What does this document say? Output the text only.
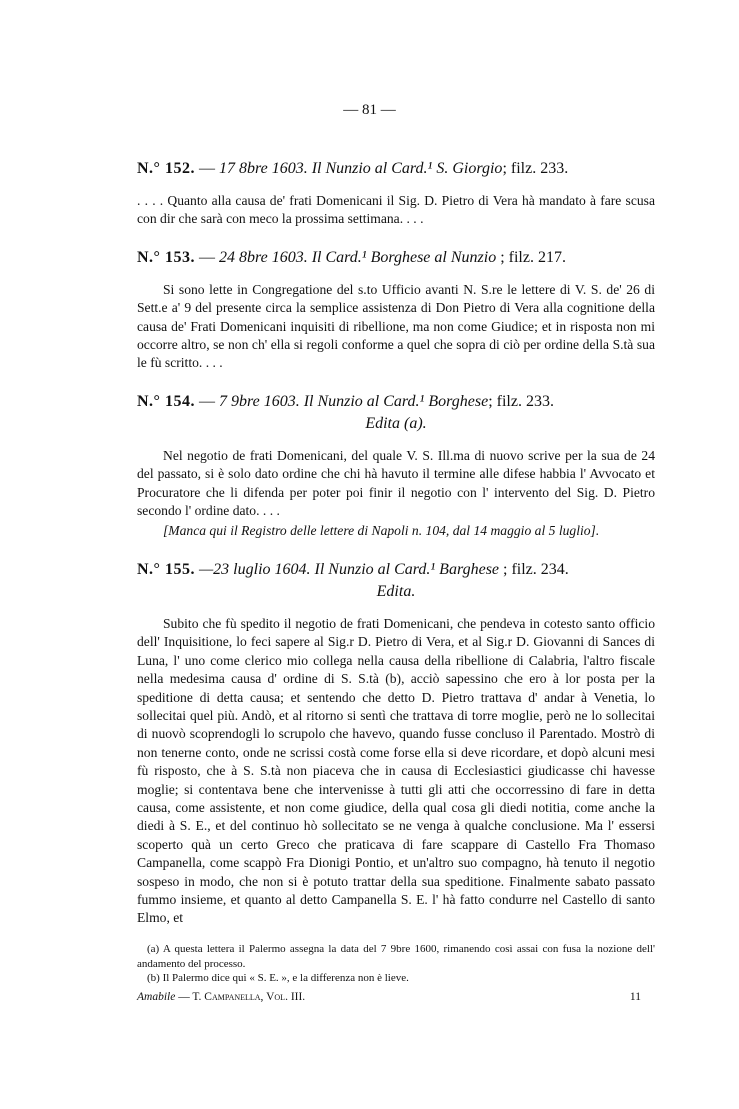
— 81 —
N.° 152. — 17 8bre 1603. Il Nunzio al Card.¹ S. Giorgio; filz. 233.
. . . . Quanto alla causa de' frati Domenicani il Sig. D. Pietro di Vera hà mandato à fare scusa con dir che sarà con meco la prossima settimana. . . .
N.° 153. — 24 8bre 1603. Il Card.¹ Borghese al Nunzio ; filz. 217.
Si sono lette in Congregatione del s.to Ufficio avanti N. S.re le lettere di V. S. de' 26 di Sett.e a' 9 del presente circa la semplice assistenza di Don Pietro di Vera alla cognitione della causa de' Frati Domenicani inquisiti di ribellione, ma non come Giudice; et in risposta non mi occorre altro, se non ch' ella si regoli conforme a quel che sopra di ciò per ordine della S.tà sua le fù scritto. . . .
N.° 154. — 7 9bre 1603. Il Nunzio al Card.¹ Borghese; filz. 233.
Edita (a).
Nel negotio de frati Domenicani, del quale V. S. Ill.ma di nuovo scrive per la sua de 24 del passato, si è solo dato ordine che chi hà havuto il termine alle difese habbia l' Avvocato et Procuratore che li difenda per poter poi finir il negotio con l' intervento del Sig. D. Pietro secondo l' ordine dato. . . .
[Manca qui il Registro delle lettere di Napoli n. 104, dal 14 maggio al 5 luglio].
N.° 155. —23 luglio 1604. Il Nunzio al Card.¹ Barghese ; filz. 234.
Edita.
Subito che fù spedito il negotio de frati Domenicani, che pendeva in cotesto santo officio dell' Inquisitione, lo feci sapere al Sig.r D. Pietro di Vera, et al Sig.r D. Giovanni di Sances di Luna, l' uno come clerico mio collega nella causa della ribellione di Calabria, l'altro fiscale nella medesima causa d' ordine di S. S.tà (b), acciò sapessino che ero à lor posta per la speditione di detta causa; et sentendo che detto D. Pietro trattava d' andar à Venetia, lo sollecitai quel più. Andò, et al ritorno si sentì che trattava di torre moglie, però ne lo sollecitai di nuovò scoprendogli lo scrupolo che havevo, quando fusse concluso il Parentado. Mostrò di non tenerne conto, onde ne scrissi costà come forse ella si deve ricordare, et dopò alcuni mesi fù risposto, che à S. S.tà non piaceva che in causa di Ecclesiastici giudicasse chi havesse moglie; si contentava bene che intervenisse à tutti gli atti che occorressino di fare in detta causa, come assistente, et non come giudice, della qual cosa gli diedi notitia, come anche la diedi à S. E., et del continuo hò sollecitato se ne venga à qualche conclusione. Ma l' essersi scoperto quà un certo Greco che praticava di fare scappare di Castello Fra Thomaso Campanella, come scappò Fra Dionigi Pontio, et un'altro suo compagno, hà tenuto il negotio sospeso in modo, che non si è potuto trattar della sua speditione. Finalmente sabato passato fummo insieme, et quanto al detto Campanella S. E. l' hà fatto condurre nel Castello di santo Elmo, et
(a) A questa lettera il Palermo assegna la data del 7 9bre 1600, rimanendo così assai con fusa la nozione dell' andamento del processo.
(b) Il Palermo dice qui « S. E. », e la differenza non è lieve.
Amabile — T. Campanella, Vol. III.	11
